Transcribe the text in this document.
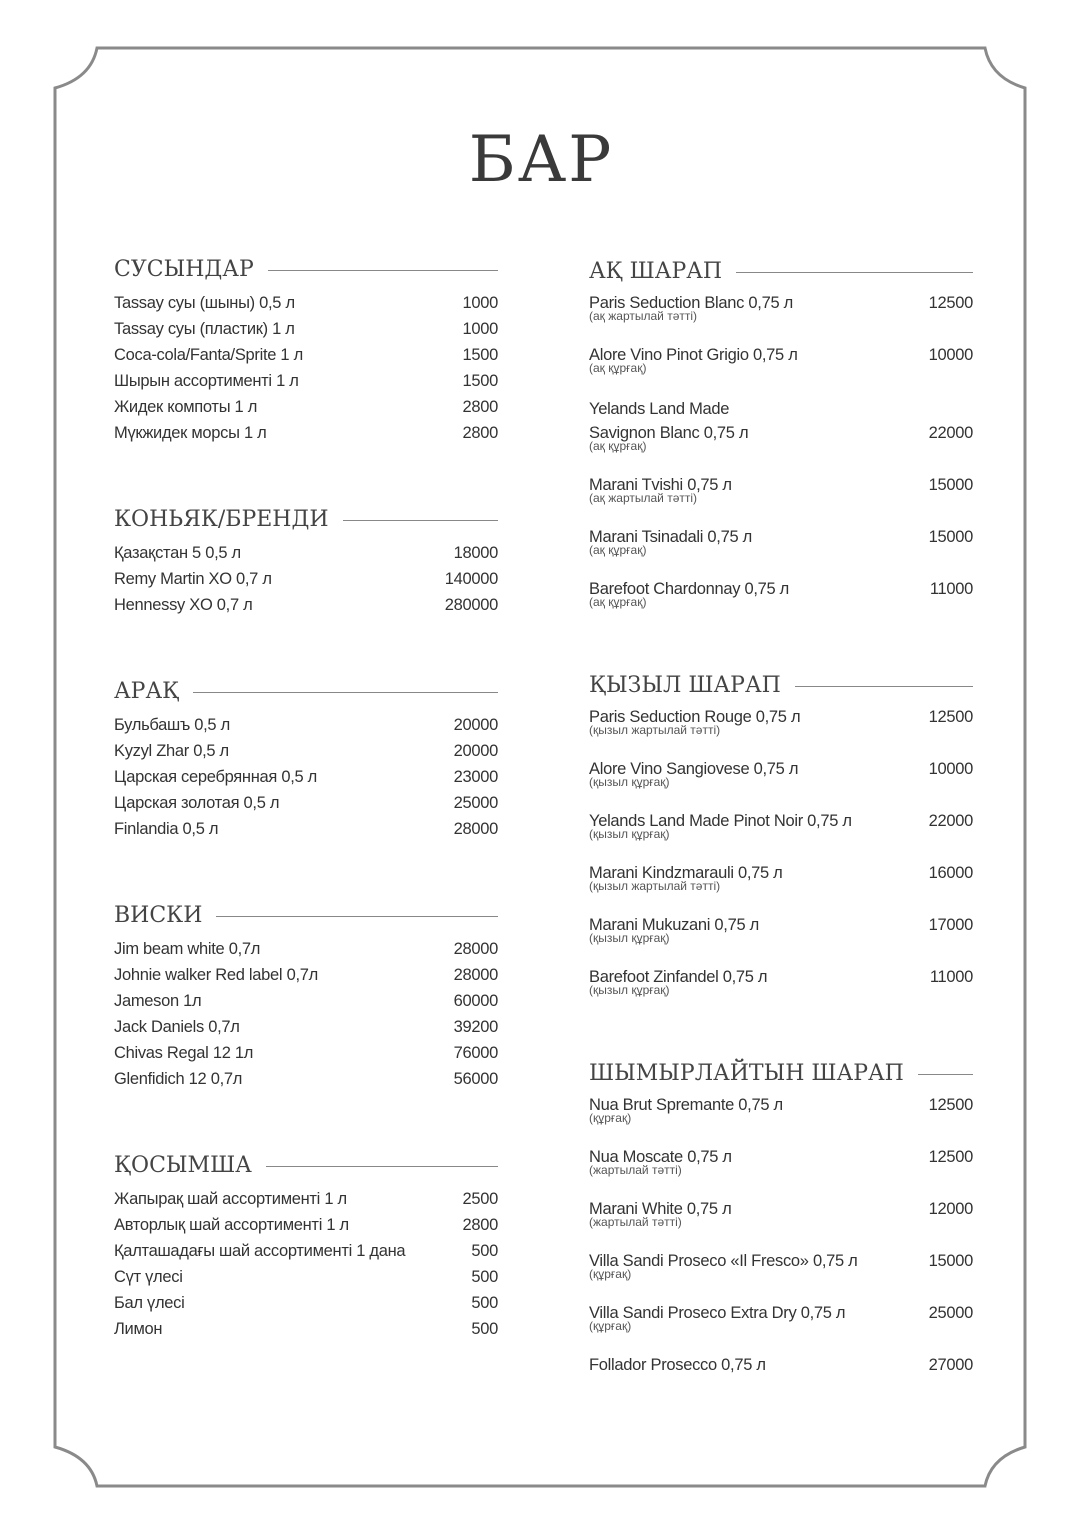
БАР
СУСЫНДАР
Tassay суы (шыны) 0,5 л	1000
Tassay суы (пластик) 1 л	1000
Coca-cola/Fanta/Sprite 1 л	1500
Шырын ассортименті 1 л	1500
Жидек компоты 1 л	2800
Мүкжидек морсы 1 л	2800
КОНЬЯК/БРЕНДИ
Қазақстан 5 0,5 л	18000
Remy Martin XO 0,7 л	140000
Hennessy XO 0,7 л	280000
АРАҚ
Бульбашъ 0,5 л	20000
Kyzyl Zhar 0,5 л	20000
Царская серебрянная 0,5 л	23000
Царская золотая 0,5 л	25000
Finlandia 0,5 л	28000
ВИСКИ
Jim beam white 0,7л	28000
Johnie walker Red label 0,7л	28000
Jameson 1л	60000
Jack Daniels 0,7л	39200
Chivas Regal 12 1л	76000
Glenfidich 12 0,7л	56000
ҚОСЫМША
Жапырақ шай ассортименті 1 л	2500
Авторлық шай ассортименті 1 л	2800
Қалташадағы шай ассортименті 1 дана	500
Сүт үлесі	500
Бал үлесі	500
Лимон	500
АҚ ШАРАП
Paris Seduction Blanc 0,75 л	12500
(ақ жартылай тәтті)
Alore Vino Pinot Grigio 0,75 л	10000
(ақ құрғақ)
Yelands Land Made
Savignon Blanc 0,75 л	22000
(ақ құрғақ)
Marani Tvishi 0,75 л	15000
(ақ жартылай тәтті)
Marani Tsinadali 0,75 л	15000
(ақ құрғақ)
Barefoot Chardonnay 0,75 л	11000
(ақ құрғақ)
ҚЫЗЫЛ ШАРАП
Paris Seduction Rouge 0,75 л	12500
(қызыл жартылай тәтті)
Alore Vino Sangiovese 0,75 л	10000
(қызыл құрғақ)
Yelands Land Made Pinot Noir 0,75 л	22000
(қызыл құрғақ)
Marani Kindzmarauli 0,75 л	16000
(қызыл жартылай тәтті)
Marani Mukuzani 0,75 л	17000
(қызыл құрғақ)
Barefoot Zinfandel 0,75 л	11000
(қызыл құрғақ)
ШЫМЫРЛАЙТЫН ШАРАП
Nua Brut Spremante 0,75 л	12500
(құрғақ)
Nua Moscate 0,75 л	12500
(жартылай тәтті)
Marani White 0,75 л	12000
(жартылай тәтті)
Villa Sandi Proseco «Il Fresco» 0,75 л	15000
(құрғақ)
Villa Sandi Proseco Extra Dry 0,75 л	25000
(құрғақ)
Follador Prosecco 0,75 л	27000
